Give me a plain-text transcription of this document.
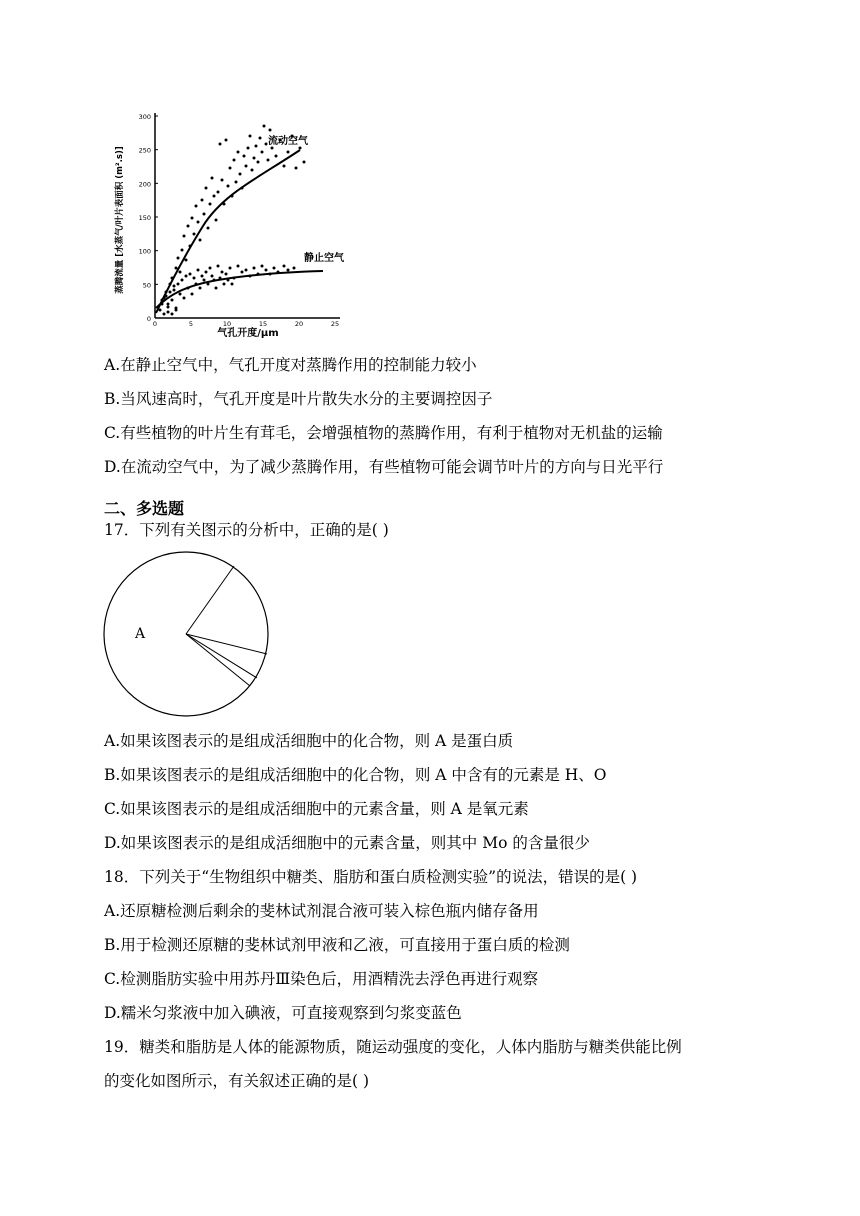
300
250
200
150
100
50
0
0	5	10	15	20	25
蒸腾流量 [水蒸气/叶片表面积 (m².s)]
气孔开度/μm
流动空气
静止空气
A.在静止空气中，气孔开度对蒸腾作用的控制能力较小
B.当风速高时，气孔开度是叶片散失水分的主要调控因子
C.有些植物的叶片生有茸毛，会增强植物的蒸腾作用，有利于植物对无机盐的运输
D.在流动空气中，为了减少蒸腾作用，有些植物可能会调节叶片的方向与日光平行
二、多选题
17．下列有关图示的分析中，正确的是( )
A
A.如果该图表示的是组成活细胞中的化合物，则 A 是蛋白质
B.如果该图表示的是组成活细胞中的化合物，则 A 中含有的元素是 H、O
C.如果该图表示的是组成活细胞中的元素含量，则 A 是氧元素
D.如果该图表示的是组成活细胞中的元素含量，则其中 Mo 的含量很少
18．下列关于“生物组织中糖类、脂肪和蛋白质检测实验”的说法，错误的是( )
A.还原糖检测后剩余的斐林试剂混合液可装入棕色瓶内储存备用
B.用于检测还原糖的斐林试剂甲液和乙液，可直接用于蛋白质的检测
C.检测脂肪实验中用苏丹Ⅲ染色后，用酒精洗去浮色再进行观察
D.糯米匀浆液中加入碘液，可直接观察到匀浆变蓝色
19．糖类和脂肪是人体的能源物质，随运动强度的变化，人体内脂肪与糖类供能比例
的变化如图所示，有关叙述正确的是( )
